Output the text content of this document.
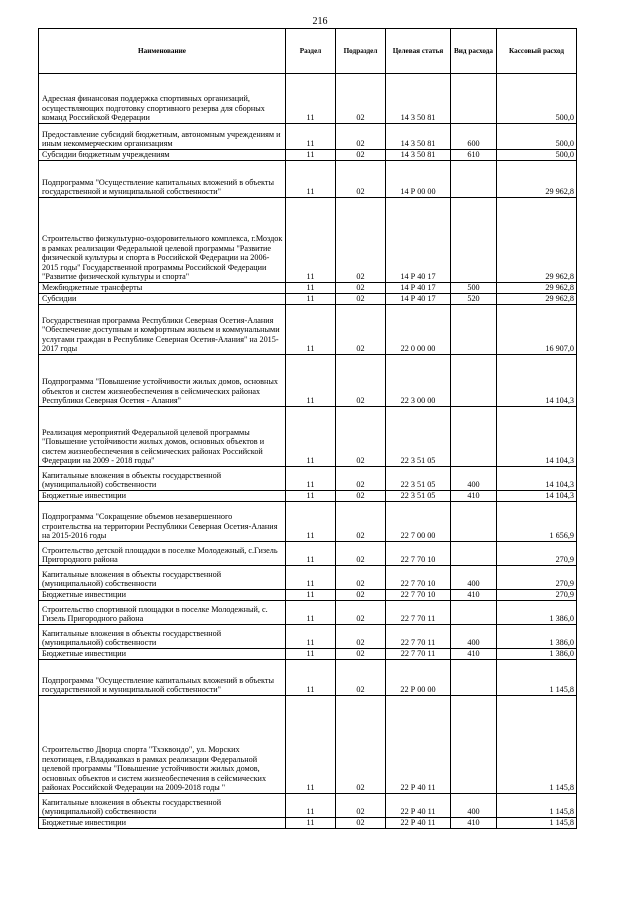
216
Наименование	Раздел	Подраздел	Целевая статья	Вид расхода	Кассовый расход
Адресная финансовая поддержка спортивных организаций, осуществляющих подготовку спортивного резерва для сборных команд Российской Федерации	11	02	14 3 50 81		500,0
Предоставление субсидий бюджетным, автономным учреждениям и иным некоммерческим организациям	11	02	14 3 50 81	600	500,0
Субсидии бюджетным учреждениям	11	02	14 3 50 81	610	500,0
Подпрограмма "Осуществление капитальных вложений в объекты государственной и муниципальной собственности"	11	02	14 Р 00 00		29 962,8
Строительство физкультурно-оздоровительного комплекса, г.Моздок в рамках реализации Федеральной целевой программы "Развитие физической культуры и спорта в Российской Федерации на 2006-2015 годы" Государственной программы Российской Федерации "Развитие физической культуры и спорта"	11	02	14 Р 40 17		29 962,8
Межбюджетные трансферты	11	02	14 Р 40 17	500	29 962,8
Субсидии	11	02	14 Р 40 17	520	29 962,8
Государственная программа Республики Северная Осетия-Алания "Обеспечение доступным и комфортным жильем и коммунальными услугами граждан в Республике Северная Осетия-Алания" на 2015-2017 годы	11	02	22 0 00 00		16 907,0
Подпрограмма "Повышение устойчивости жилых домов, основных объектов и систем жизнеобеспечения в сейсмических районах Республики Северная Осетия - Алания"	11	02	22 3 00 00		14 104,3
Реализация мероприятий Федеральной целевой программы "Повышение устойчивости жилых домов, основных объектов и систем жизнеобеспечения в сейсмических районах Российской Федерации на 2009 - 2018 годы"	11	02	22 3 51 05		14 104,3
Капитальные вложения в объекты государственной (муниципальной) собственности	11	02	22 3 51 05	400	14 104,3
Бюджетные инвестиции	11	02	22 3 51 05	410	14 104,3
Подпрограмма "Сокращение объемов незавершенного строительства на территории Республики Северная Осетия-Алания на 2015-2016 годы	11	02	22 7 00 00		1 656,9
Строительство детской площадки в поселке Молодежный, с.Гизель Пригородного района	11	02	22 7 70 10		270,9
Капитальные вложения в объекты государственной (муниципальной) собственности	11	02	22 7 70 10	400	270,9
Бюджетные инвестиции	11	02	22 7 70 10	410	270,9
Строительство спортивной площадки в поселке Молодежный, с. Гизель Пригородного района	11	02	22 7 70 11		1 386,0
Капитальные вложения в объекты государственной (муниципальной) собственности	11	02	22 7 70 11	400	1 386,0
Бюджетные инвестиции	11	02	22 7 70 11	410	1 386,0
Подпрограмма "Осуществление капитальных вложений в объекты государственной и муниципальной собственности"	11	02	22 Р 00 00		1 145,8
Строительство Дворца спорта "Тхэквондо", ул. Морских пехотинцев, г.Владикавказ в рамках реализации Федеральной целевой программы "Повышение устойчивости жилых домов, основных объектов и систем жизнеобеспечения в сейсмических районах Российской Федерации на 2009-2018 годы "	11	02	22 Р 40 11		1 145,8
Капитальные вложения в объекты государственной (муниципальной) собственности	11	02	22 Р 40 11	400	1 145,8
Бюджетные инвестиции	11	02	22 Р 40 11	410	1 145,8
